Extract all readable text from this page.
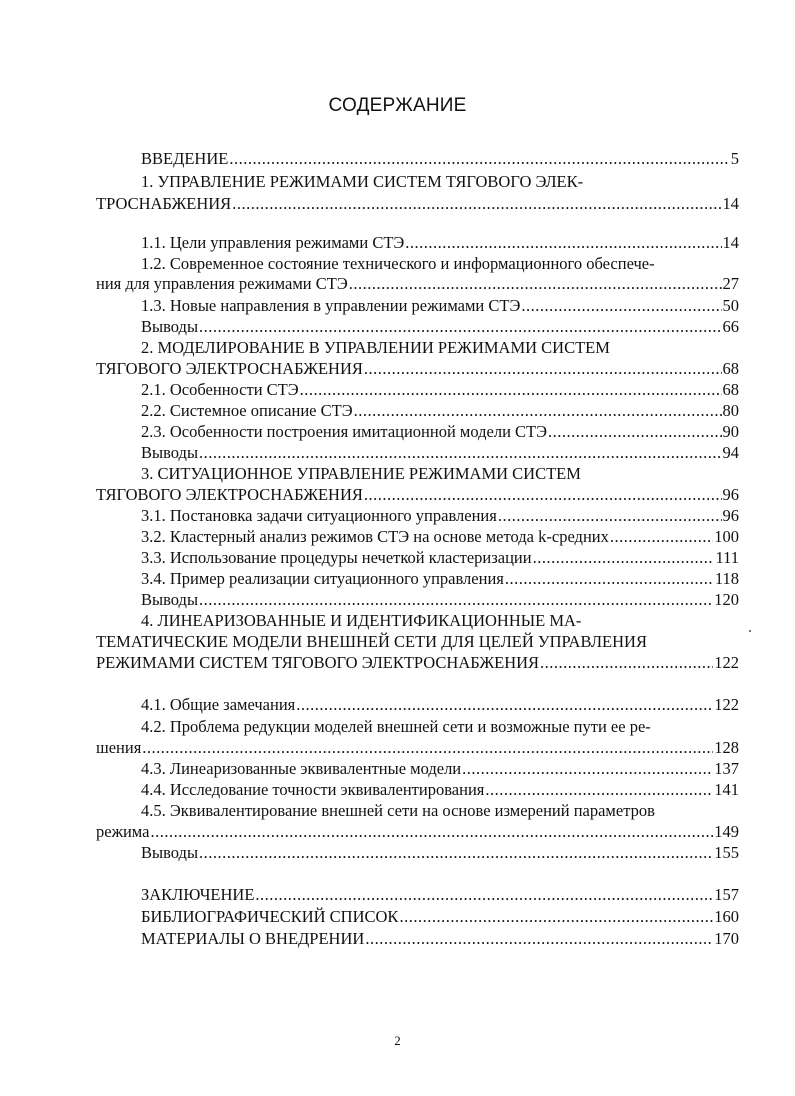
СОДЕРЖАНИЕ
ВВЕДЕНИЕ .....	5
1. УПРАВЛЕНИЕ РЕЖИМАМИ СИСТЕМ ТЯГОВОГО ЭЛЕК-
ТРОСНАБЖЕНИЯ .....	14
1.1. Цели управления режимами СТЭ .....	14
1.2. Современное состояние технического и информационного обеспече-
ния для управления режимами СТЭ .....	27
1.3. Новые направления в управлении режимами СТЭ .....	50
Выводы .....	66
2. МОДЕЛИРОВАНИЕ В УПРАВЛЕНИИ РЕЖИМАМИ СИСТЕМ
ТЯГОВОГО ЭЛЕКТРОСНАБЖЕНИЯ .....	68
2.1. Особенности СТЭ .....	68
2.2. Системное описание СТЭ .....	80
2.3. Особенности построения имитационной модели СТЭ .....	90
Выводы .....	94
3. СИТУАЦИОННОЕ УПРАВЛЕНИЕ РЕЖИМАМИ СИСТЕМ
ТЯГОВОГО ЭЛЕКТРОСНАБЖЕНИЯ .....	96
3.1. Постановка задачи ситуационного управления .....	96
3.2. Кластерный анализ режимов СТЭ на основе метода k-средних .....	100
3.3. Использование процедуры нечеткой кластеризации .....	111
3.4. Пример реализации ситуационного управления .....	118
Выводы .....	120
4. ЛИНЕАРИЗОВАННЫЕ И ИДЕНТИФИКАЦИОННЫЕ МА-
ТЕМАТИЧЕСКИЕ МОДЕЛИ ВНЕШНЕЙ СЕТИ ДЛЯ ЦЕЛЕЙ УПРАВЛЕНИЯ
РЕЖИМАМИ СИСТЕМ ТЯГОВОГО ЭЛЕКТРОСНАБЖЕНИЯ .....	122
4.1. Общие замечания .....	122
4.2. Проблема редукции моделей внешней сети и возможные пути ее ре-
шения .....	128
4.3. Линеаризованные эквивалентные модели .....	137
4.4. Исследование точности эквивалентирования .....	141
4.5. Эквивалентирование внешней сети на основе измерений параметров
режима .....	149
Выводы .....	155
ЗАКЛЮЧЕНИЕ .....	157
БИБЛИОГРАФИЧЕСКИЙ СПИСОК .....	160
МАТЕРИАЛЫ О ВНЕДРЕНИИ .....	170
2
